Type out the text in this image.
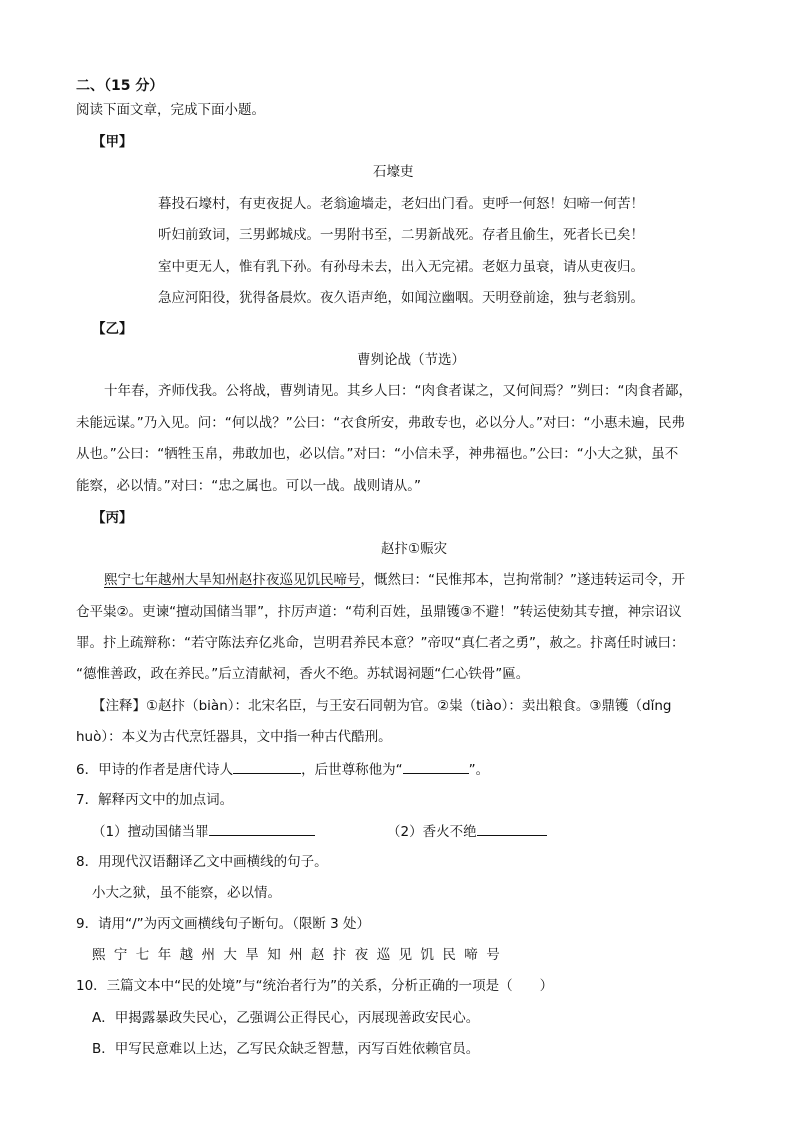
二、（15 分）
阅读下面文章，完成下面小题。
【甲】
石壕吏
暮投石壕村，有吏夜捉人。老翁逾墙走，老妇出门看。吏呼一何怒！妇啼一何苦！
听妇前致词，三男邺城戍。一男附书至，二男新战死。存者且偷生，死者长已矣！
室中更无人，惟有乳下孙。有孙母未去，出入无完裙。老妪力虽衰，请从吏夜归。
急应河阳役，犹得备晨炊。夜久语声绝，如闻泣幽咽。天明登前途，独与老翁别。
【乙】
曹刿论战（节选）
十年春，齐师伐我。公将战，曹刿请见。其乡人曰：“肉食者谋之，又何间焉？”刿曰：“肉食者鄙，
未能远谋。”乃入见。问：“何以战？”公曰：“衣食所安，弗敢专也，必以分人。”对曰：“小惠未遍，民弗
从也。”公曰：“牺牲玉帛，弗敢加也，必以信。”对曰：“小信未孚，神弗福也。”公曰：“小大之狱，虽不
能察，必以情。”对曰：“忠之属也。可以一战。战则请从。”
【丙】
赵抃①赈灾
熙宁七年越州大旱知州赵抃夜巡见饥民啼号，慨然曰：“民惟邦本，岂拘常制？”遂违转运司令，开
仓平粜②。吏谏“擅动国储当罪”，抃厉声道：“苟利百姓，虽鼎镬③不避！”转运使劾其专擅，神宗诏议
罪。抃上疏辩称：“若守陈法弃亿兆命，岂明君养民本意？”帝叹“真仁者之勇”，赦之。抃离任时诫曰：
“德惟善政，政在养民。”后立清献祠，香火不绝。苏轼谒祠题“仁心铁骨”匾。
【注释】①赵抃（biàn）：北宋名臣，与王安石同朝为官。②粜（tiào）：卖出粮食。③鼎镬（dǐng
huò）：本义为古代烹饪器具，文中指一种古代酷刑。
6．甲诗的作者是唐代诗人	，后世尊称他为“	”。
7．解释丙文中的加点词。
（1）擅动国储当罪	（2）香火不绝
8．用现代汉语翻译乙文中画横线的句子。
小大之狱，虽不能察，必以情。
9．请用“/”为丙文画横线句子断句。（限断 3 处）
熙宁七年越州大旱知州赵抃夜巡见饥民啼号
10．三篇文本中“民的处境”与“统治者行为”的关系，分析正确的一项是（　　）
A．甲揭露暴政失民心，乙强调公正得民心，丙展现善政安民心。
B．甲写民意难以上达，乙写民众缺乏智慧，丙写百姓依赖官员。
